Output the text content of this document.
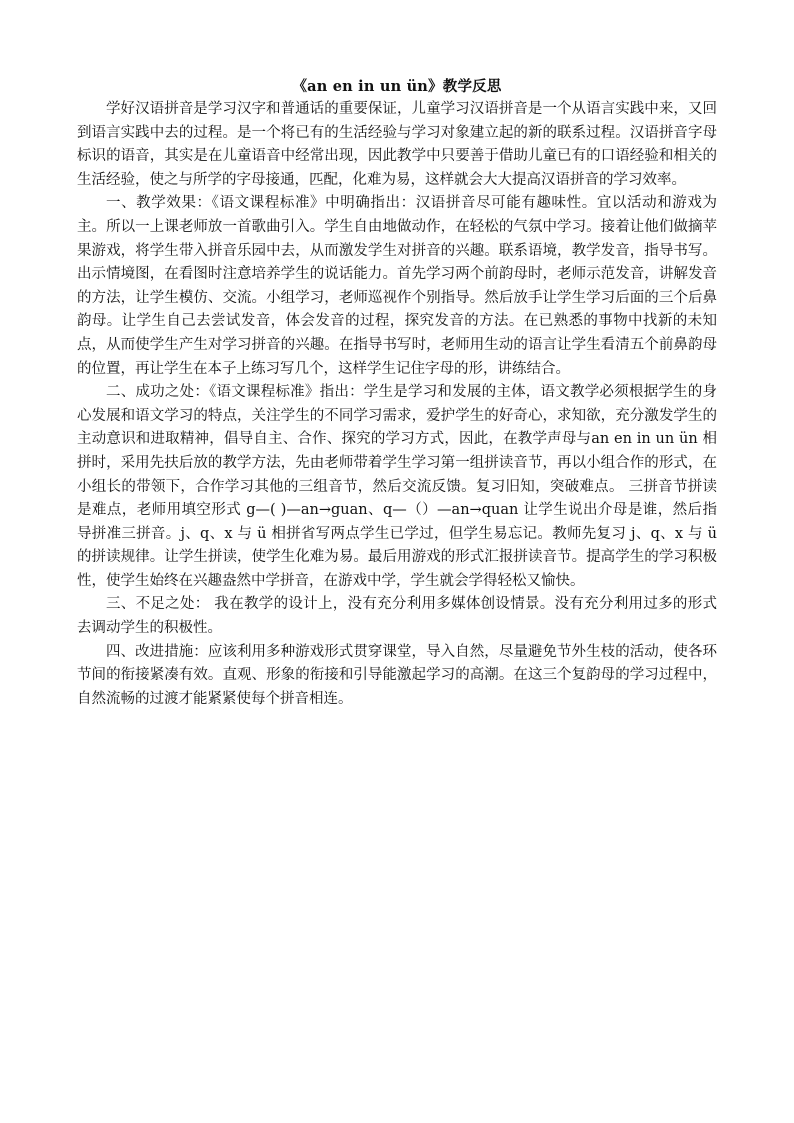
《an en in un ün》教学反思

学好汉语拼音是学习汉字和普通话的重要保证，儿童学习汉语拼音是一个从语言实践中来，又回到语言实践中去的过程。是一个将已有的生活经验与学习对象建立起的新的联系过程。汉语拼音字母标识的语音，其实是在儿童语音中经常出现，因此教学中只要善于借助儿童已有的口语经验和相关的生活经验，使之与所学的字母接通，匹配，化难为易，这样就会大大提高汉语拼音的学习效率。

一、教学效果：《语文课程标准》中明确指出：汉语拼音尽可能有趣味性。宜以活动和游戏为主。所以一上课老师放一首歌曲引入。学生自由地做动作，在轻松的气氛中学习。接着让他们做摘苹果游戏，将学生带入拼音乐园中去，从而激发学生对拼音的兴趣。联系语境，教学发音，指导书写。出示情境图，在看图时注意培养学生的说话能力。首先学习两个前韵母时，老师示范发音，讲解发音的方法，让学生模仿、交流。小组学习，老师巡视作个别指导。然后放手让学生学习后面的三个后鼻韵母。让学生自己去尝试发音，体会发音的过程，探究发音的方法。在已熟悉的事物中找新的未知点，从而使学生产生对学习拼音的兴趣。在指导书写时，老师用生动的语言让学生看清五个前鼻韵母的位置，再让学生在本子上练习写几个，这样学生记住字母的形，讲练结合。

二、成功之处：《语文课程标准》指出：学生是学习和发展的主体，语文教学必须根据学生的身心发展和语文学习的特点，关注学生的不同学习需求，爱护学生的好奇心，求知欲，充分激发学生的主动意识和进取精神，倡导自主、合作、探究的学习方式，因此，在教学声母与an en in un ün 相拼时，采用先扶后放的教学方法，先由老师带着学生学习第一组拼读音节，再以小组合作的形式，在小组长的带领下，合作学习其他的三组音节，然后交流反馈。复习旧知，突破难点。 三拼音节拼读是难点，老师用填空形式 g—( )—an→guan、q—（）—an→quan 让学生说出介母是谁，然后指导拼准三拼音。j、q、x 与 ü 相拼省写两点学生已学过，但学生易忘记。教师先复习 j、q、x 与 ü 的拼读规律。让学生拼读，使学生化难为易。最后用游戏的形式汇报拼读音节。提高学生的学习积极性，使学生始终在兴趣盎然中学拼音，在游戏中学，学生就会学得轻松又愉快。

三、不足之处： 我在教学的设计上，没有充分利用多媒体创设情景。没有充分利用过多的形式去调动学生的积极性。

四、改进措施：应该利用多种游戏形式贯穿课堂，导入自然，尽量避免节外生枝的活动，使各环节间的衔接紧凑有效。直观、形象的衔接和引导能激起学习的高潮。在这三个复韵母的学习过程中，自然流畅的过渡才能紧紧使每个拼音相连。
